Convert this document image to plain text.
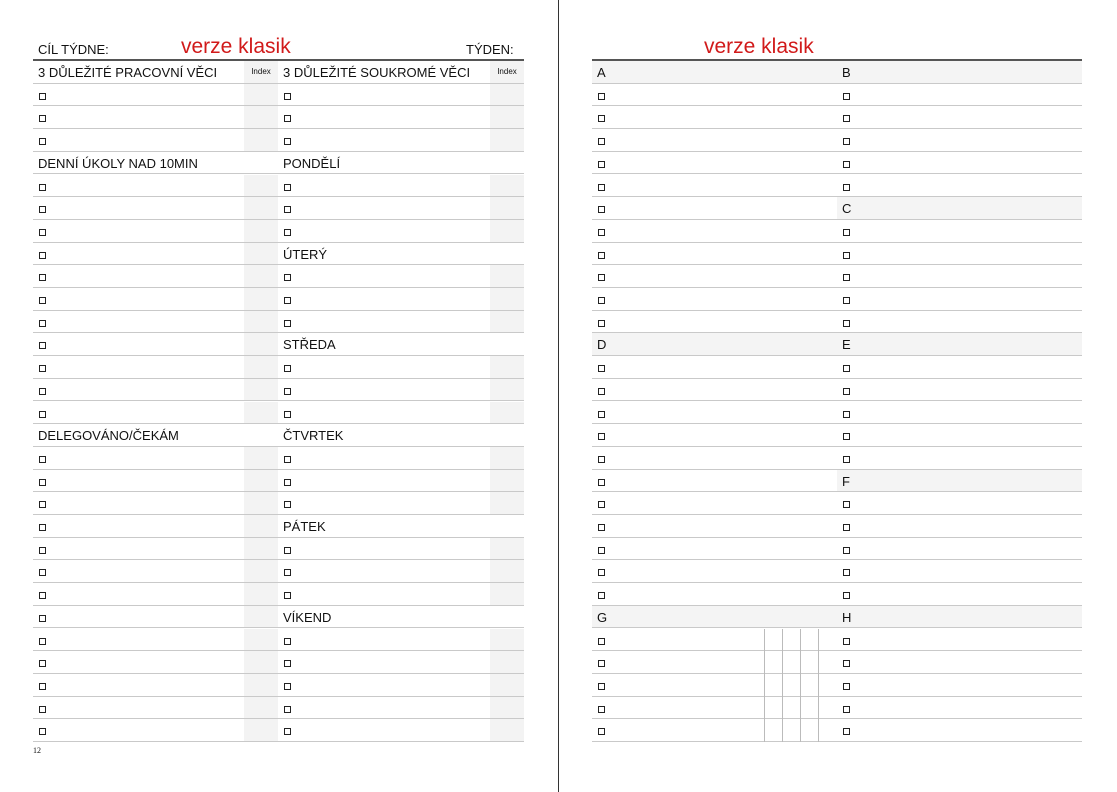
CÍL TÝDNE:	verze klasik	TÝDEN:
3 DŮLEŽITÉ PRACOVNÍ VĚCI	3 DŮLEŽITÉ SOUKROMÉ VĚCI
Index	Index
DENNÍ ÚKOLY NAD 10MIN	PONDĚLÍ
ÚTERÝ
STŘEDA
DELEGOVÁNO/ČEKÁM	ČTVRTEK
PÁTEK
VÍKEND
12
verze klasik
A	B
C
D	E
F
G	H
